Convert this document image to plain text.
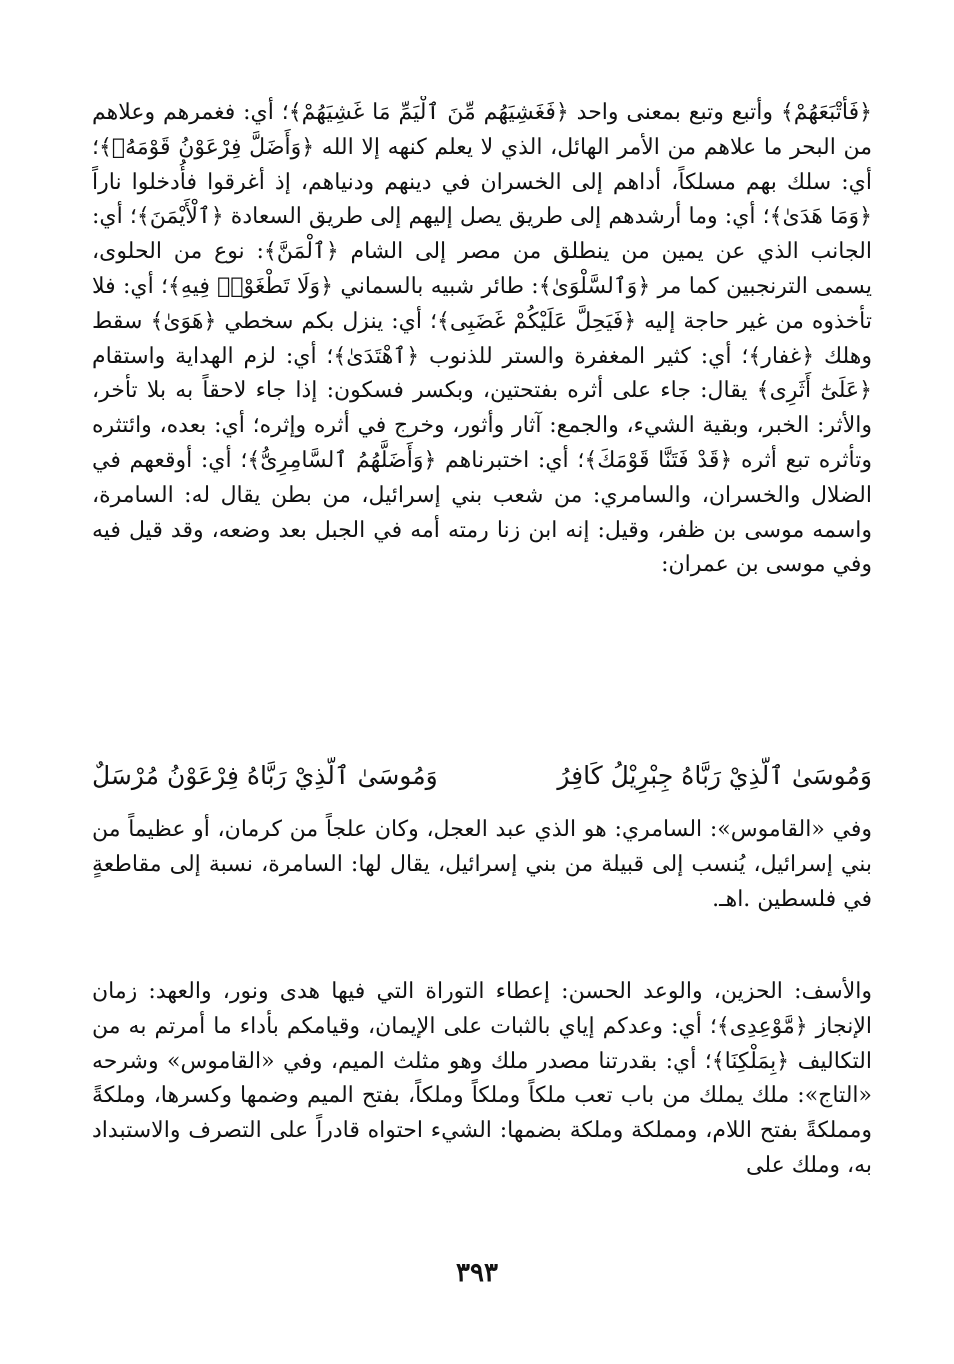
﴿فَأَتْبَعَهُمْ﴾ وأتبع وتبع بمعنى واحد ﴿فَغَشِيَهُم مِّنَ ٱلْيَمِّ مَا غَشِيَهُمْ﴾؛ أي: فغمرهم وعلاهم من البحر ما علاهم من الأمر الهائل، الذي لا يعلم كنهه إلا الله ﴿وَأَضَلَّ فِرْعَوْنُ قَوْمَهُۥ﴾؛ أي: سلك بهم مسلكاً، أداهم إلى الخسران في دينهم ودنياهم، إذ أغرقوا فأُدخلوا ناراً ﴿وَمَا هَدَىٰ﴾؛ أي: وما أرشدهم إلى طريق يصل إليهم إلى طريق السعادة ﴿ٱلْأَيْمَنَ﴾؛ أي: الجانب الذي عن يمين من ينطلق من مصر إلى الشام ﴿ٱلْمَنَّ﴾: نوع من الحلوى، يسمى الترنجبين كما مر ﴿وَٱلسَّلْوَىٰ﴾: طائر شبيه بالسماني ﴿وَلَا تَطْغَوْا۟ فِيهِ﴾؛ أي: فلا تأخذوه من غير حاجة إليه ﴿فَيَحِلَّ عَلَيْكُمْ غَضَبِى﴾؛ أي: ينزل بكم سخطي ﴿هَوَىٰ﴾ سقط وهلك ﴿غفار﴾؛ أي: كثير المغفرة والستر للذنوب ﴿ٱهْتَدَىٰ﴾؛ أي: لزم الهداية واستقام ﴿عَلَىٰٓ أَثَرِى﴾ يقال: جاء على أثره بفتحتين، وبكسر فسكون: إذا جاء لاحقاً به بلا تأخر، والأثر: الخبر، وبقية الشيء، والجمع: آثار وأثور، وخرج في أثره وإثره؛ أي: بعده، وائتثره وتأثره تبع أثره ﴿قَدْ فَتَنَّا قَوْمَكَ﴾؛ أي: اختبرناهم ﴿وَأَضَلَّهُمُ ٱلسَّامِرِىُّ﴾؛ أي: أوقعهم في الضلال والخسران، والسامري: من شعب بني إسرائيل، من بطن يقال له: السامرة، واسمه موسى بن ظفر، وقيل: إنه ابن زنا رمته أمه في الجبل بعد وضعه، وقد قيل فيه وفي موسى بن عمران:

وَمُوسَىٰ ٱلَّذِيْ رَبَّاهُ جِبْرِيْلُ كَافِرُ
وَمُوسَىٰ ٱلَّذِيْ رَبَّاهُ فِرْعَوْنُ مُرْسَلٌ

وفي «القاموس»: السامري: هو الذي عبد العجل، وكان علجاً من كرمان، أو عظيماً من بني إسرائيل، يُنسب إلى قبيلة من بني إسرائيل، يقال لها: السامرة، نسبة إلى مقاطعةٍ في فلسطين .اهـ.

والأسف: الحزين، والوعد الحسن: إعطاء التوراة التي فيها هدى ونور، والعهد: زمان الإنجاز ﴿مَّوْعِدِى﴾؛ أي: وعدكم إياي بالثبات على الإيمان، وقيامكم بأداء ما أمرتم به من التكاليف ﴿بِمَلْكِنَا﴾؛ أي: بقدرتنا مصدر ملك وهو مثلث الميم، وفي «القاموس» وشرحه «التاج»: ملك يملك من باب تعب ملكاً وملكاً وملكاً، بفتح الميم وضمها وكسرها، وملكةً ومملكةً بفتح اللام، ومملكة وملكة بضمها: الشيء احتواه قادراً على التصرف والاستبداد به، وملك على

٣٩٣
